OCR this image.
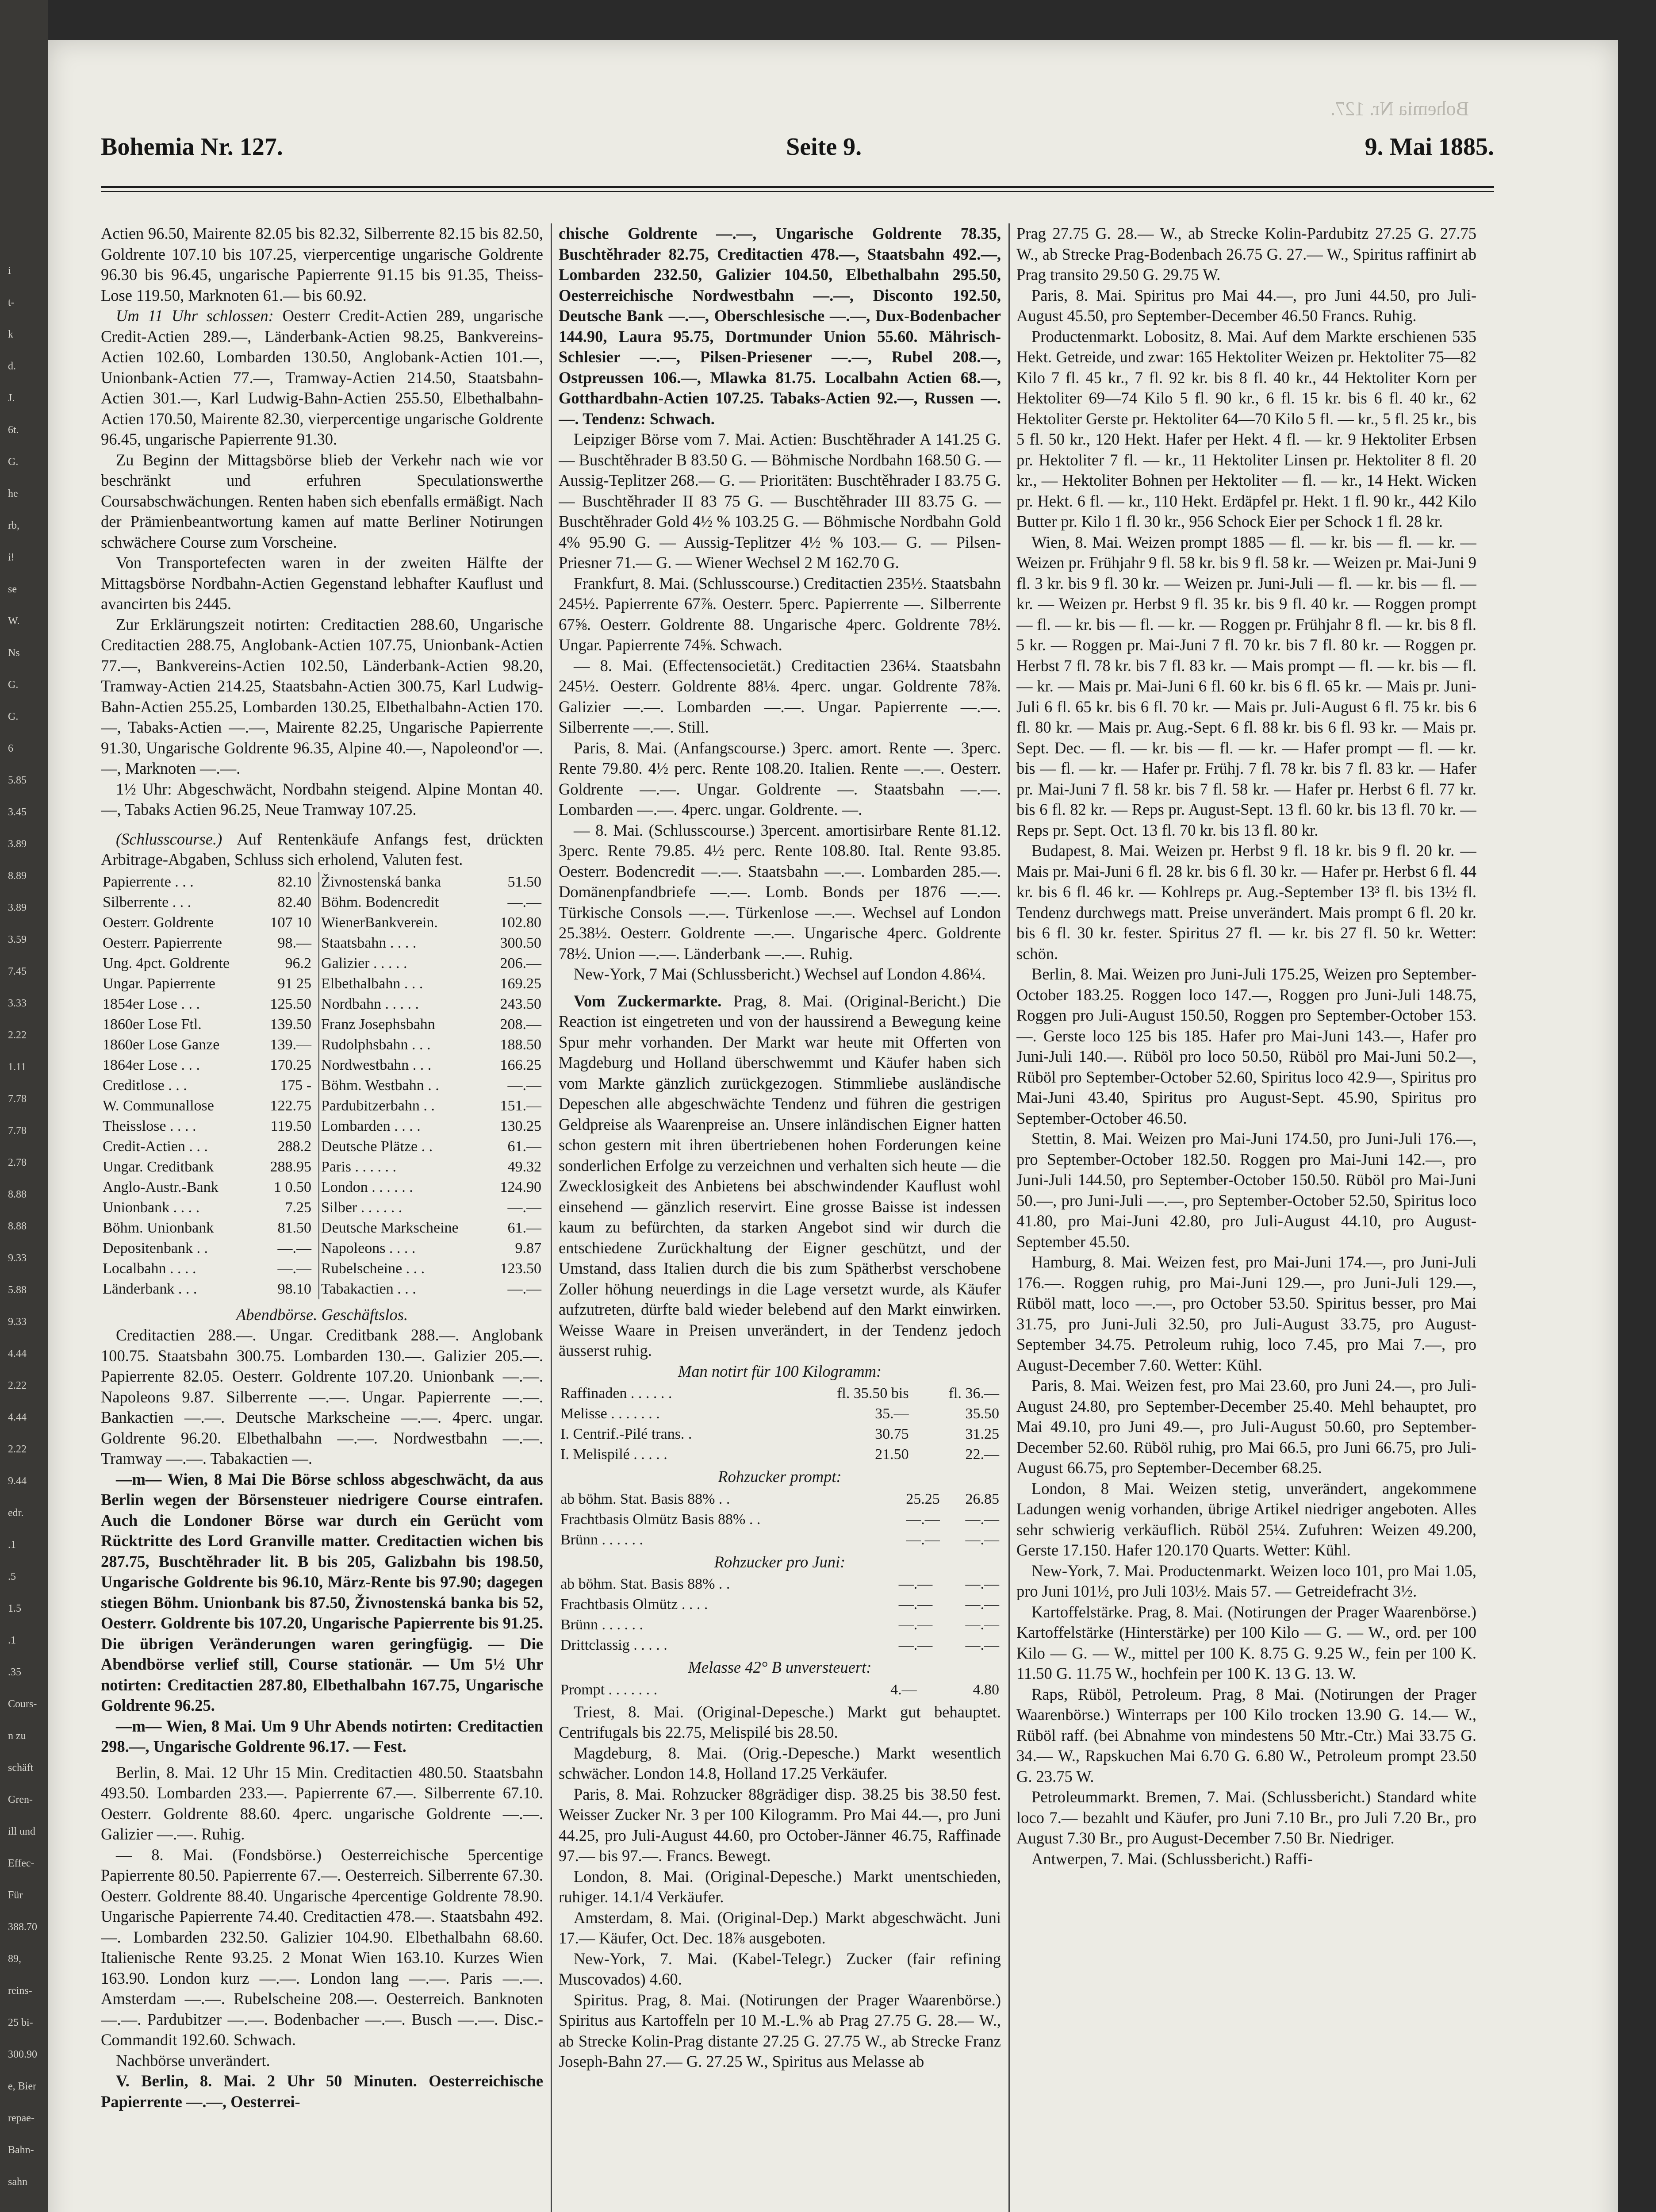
i
t-
k
d.
J.
6t.
G.
he
rb,
i!
se
W.
Ns
G.
G.
6
5.85
3.45
3.89
8.89
3.89
3.59
7.45
3.33
2.22
1.11
7.78
7.78
2.78
8.88
8.88
9.33
5.88
9.33
4.44
2.22
4.44
2.22
9.44
edr.
.1
.5
1.5
.1
.35
Cours-
n zu
schäft
Gren-
ill und
Effec-
Für
388.70
89,
reins-
25 bi-
300.90
e, Bier
repae-
Bahn-
sahn
Bohemia Nr. 127.
Bohemia Nr. 127.	Seite 9.	9. Mai 1885.

Actien 96.50, Mairente 82.05 bis 82.32, Silberrente 82.15 bis 82.50, Goldrente 107.10 bis 107.25, vierpercentige ungarische Goldrente 96.30 bis 96.45, ungarische Papierrente 91.15 bis 91.35, Theiss-Lose 119.50, Marknoten 61.— bis 60.92.

Um 11 Uhr schlossen: Oesterr Credit-Actien 289, ungarische Credit-Actien 289.—, Länderbank-Actien 98.25, Bankvereins-Actien 102.60, Lombarden 130.50, Anglobank-Actien 101.—, Unionbank-Actien 77.—, Tramway-Actien 214.50, Staatsbahn-Actien 301.—, Karl Ludwig-Bahn-Actien 255.50, Elbethalbahn-Actien 170.50, Mairente 82.30, vierpercentige ungarische Goldrente 96.45, ungarische Papierrente 91.30.

Zu Beginn der Mittagsbörse blieb der Verkehr nach wie vor beschränkt und erfuhren Speculationswerthe Coursabschwächungen. Renten haben sich ebenfalls ermäßigt. Nach der Prämienbeantwortung kamen auf matte Berliner Notirungen schwächere Course zum Vorscheine.

Von Transportefecten waren in der zweiten Hälfte der Mittagsbörse Nordbahn-Actien Gegenstand lebhafter Kauflust und avancirten bis 2445.

Zur Erklärungszeit notirten: Creditactien 288.60, Ungarische Creditactien 288.75, Anglobank-Actien 107.75, Unionbank-Actien 77.—, Bankvereins-Actien 102.50, Länderbank-Actien 98.20, Tramway-Actien 214.25, Staatsbahn-Actien 300.75, Karl Ludwig-Bahn-Actien 255.25, Lombarden 130.25, Elbethalbahn-Actien 170.—, Tabaks-Actien —.—, Mairente 82.25, Ungarische Papierrente 91.30, Ungarische Goldrente 96.35, Alpine 40.—, Napoleond'or —.—, Marknoten —.—.

1½ Uhr: Abgeschwächt, Nordbahn steigend. Alpine Montan 40.—, Tabaks Actien 96.25, Neue Tramway 107.25.

(Schlusscourse.) Auf Rentenkäufe Anfangs fest, drückten Arbitrage-Abgaben, Schluss sich erholend, Valuten fest.

Papierrente . . .	82.10	Živnostenská banka	51.50
Silberrente . . .	82.40	Böhm. Bodencredit	—.—
Oesterr. Goldrente	107 10	WienerBankverein.	102.80
Oesterr. Papierrente	98.—	Staatsbahn . . . .	300.50
Ung. 4pct. Goldrente	96.2	Galizier . . . . .	206.—
Ungar. Papierrente	91 25	Elbethalbahn . . .	169.25
1854er Lose . . .	125.50	Nordbahn . . . . .	243.50
1860er Lose Ftl.	139.50	Franz Josephsbahn	208.—
1860er Lose Ganze	139.—	Rudolphsbahn . . .	188.50
1864er Lose . . .	170.25	Nordwestbahn . . .	166.25
Creditlose . . .	175 -	Böhm. Westbahn . .	—.—
W. Communallose	122.75	Pardubitzerbahn . .	151.—
Theisslose . . . .	119.50	Lombarden . . . .	130.25
Credit-Actien . . .	288.2	Deutsche Plätze . .	61.—
Ungar. Creditbank	288.95	Paris . . . . . .	49.32
Anglo-Austr.-Bank	1 0.50	London . . . . . .	124.90
Unionbank . . . .	7.25	Silber . . . . . .	—.—
Böhm. Unionbank	81.50	Deutsche Markscheine	61.—
Depositenbank . .	—.—	Napoleons . . . .	9.87
Localbahn . . . .	—.—	Rubelscheine . . .	123.50
Länderbank . . .	98.10	Tabakactien . . .	—.—

Abendbörse. Geschäftslos.

Creditactien 288.—. Ungar. Creditbank 288.—. Anglobank 100.75. Staatsbahn 300.75. Lombarden 130.—. Galizier 205.—. Papierrente 82.05. Oesterr. Goldrente 107.20. Unionbank —.—. Napoleons 9.87. Silberrente —.—. Ungar. Papierrente —.—. Bankactien —.—. Deutsche Markscheine —.—. 4perc. ungar. Goldrente 96.20. Elbethalbahn —.—. Nordwestbahn —.—. Tramway —.—. Tabakactien —.

—m— Wien, 8 Mai Die Börse schloss abgeschwächt, da aus Berlin wegen der Börsensteuer niedrigere Course eintrafen. Auch die Londoner Börse war durch ein Gerücht vom Rücktritte des Lord Granville matter. Creditactien wichen bis 287.75, Buschtěhrader lit. B bis 205, Galizbahn bis 198.50, Ungarische Goldrente bis 96.10, März-Rente bis 97.90; dagegen stiegen Böhm. Unionbank bis 87.50, Živnostenská banka bis 52, Oesterr. Goldrente bis 107.20, Ungarische Papierrente bis 91.25. Die übrigen Veränderungen waren geringfügig. — Die Abendbörse verlief still, Course stationär. — Um 5½ Uhr notirten: Creditactien 287.80, Elbethalbahn 167.75, Ungarische Goldrente 96.25.

—m— Wien, 8 Mai. Um 9 Uhr Abends notirten: Creditactien 298.—, Ungarische Goldrente 96.17. — Fest.

Berlin, 8. Mai. 12 Uhr 15 Min. Creditactien 480.50. Staatsbahn 493.50. Lombarden 233.—. Papierrente 67.—. Silberrente 67.10. Oesterr. Goldrente 88.60. 4perc. ungarische Goldrente —.—. Galizier —.—. Ruhig.

— 8. Mai. (Fondsbörse.) Oesterreichische 5percentige Papierrente 80.50. Papierrente 67.—. Oesterreich. Silberrente 67.30. Oesterr. Goldrente 88.40. Ungarische 4percentige Goldrente 78.90. Ungarische Papierrente 74.40. Creditactien 478.—. Staatsbahn 492.—. Lombarden 232.50. Galizier 104.90. Elbethalbahn 68.60. Italienische Rente 93.25. 2 Monat Wien 163.10. Kurzes Wien 163.90. London kurz —.—. London lang —.—. Paris —.—. Amsterdam —.—. Rubelscheine 208.—. Oesterreich. Banknoten —.—. Pardubitzer —.—. Bodenbacher —.—. Busch —.—. Disc.-Commandit 192.60. Schwach.

Nachbörse unverändert.

V. Berlin, 8. Mai. 2 Uhr 50 Minuten. Oesterreichische Papierrente —.—, Oesterrei-

chische Goldrente —.—, Ungarische Goldrente 78.35, Buschtěhrader 82.75, Creditactien 478.—, Staatsbahn 492.—, Lombarden 232.50, Galizier 104.50, Elbethalbahn 295.50, Oesterreichische Nordwestbahn —.—, Disconto 192.50, Deutsche Bank —.—, Oberschlesische —.—, Dux-Bodenbacher 144.90, Laura 95.75, Dortmunder Union 55.60. Mährisch-Schlesier —.—, Pilsen-Priesener —.—, Rubel 208.—, Ostpreussen 106.—, Mlawka 81.75. Localbahn Actien 68.—, Gotthardbahn-Actien 107.25. Tabaks-Actien 92.—, Russen —.—. Tendenz: Schwach.

Leipziger Börse vom 7. Mai. Actien: Buschtěhrader A 141.25 G. — Buschtěhrader B 83.50 G. — Böhmische Nordbahn 168.50 G. — Aussig-Teplitzer 268.— G. — Prioritäten: Buschtěhrader I 83.75 G. — Buschtěhrader II 83 75 G. — Buschtěhrader III 83.75 G. — Buschtěhrader Gold 4½ % 103.25 G. — Böhmische Nordbahn Gold 4% 95.90 G. — Aussig-Teplitzer 4½ % 103.— G. — Pilsen-Priesner 71.— G. — Wiener Wechsel 2 M 162.70 G.

Frankfurt, 8. Mai. (Schlusscourse.) Creditactien 235½. Staatsbahn 245½. Papierrente 67⅞. Oesterr. 5perc. Papierrente —. Silberrente 67⅝. Oesterr. Goldrente 88. Ungarische 4perc. Goldrente 78½. Ungar. Papierrente 74⅝. Schwach.

— 8. Mai. (Effectensocietät.) Creditactien 236¼. Staatsbahn 245½. Oesterr. Goldrente 88⅛. 4perc. ungar. Goldrente 78⅞. Galizier —.—. Lombarden —.—. Ungar. Papierrente —.—. Silberrente —.—. Still.

Paris, 8. Mai. (Anfangscourse.) 3perc. amort. Rente —. 3perc. Rente 79.80. 4½ perc. Rente 108.20. Italien. Rente —.—. Oesterr. Goldrente —.—. Ungar. Goldrente —. Staatsbahn —.—. Lombarden —.—. 4perc. ungar. Goldrente. —.

— 8. Mai. (Schlusscourse.) 3percent. amortisirbare Rente 81.12. 3perc. Rente 79.85. 4½ perc. Rente 108.80. Ital. Rente 93.85. Oesterr. Bodencredit —.—. Staatsbahn —.—. Lombarden 285.—. Domänenpfandbriefe —.—. Lomb. Bonds per 1876 —.—. Türkische Consols —.—. Türkenlose —.—. Wechsel auf London 25.38½. Oesterr. Goldrente —.—. Ungarische 4perc. Goldrente 78½. Union —.—. Länderbank —.—. Ruhig.

New-York, 7 Mai (Schlussbericht.) Wechsel auf London 4.86¼.

Vom Zuckermarkte. Prag, 8. Mai. (Original-Bericht.) Die Reaction ist eingetreten und von der haussirend a Bewegung keine Spur mehr vorhanden. Der Markt war heute mit Offerten von Magdeburg und Holland überschwemmt und Käufer haben sich vom Markte gänzlich zurückgezogen. Stimmliebe ausländische Depeschen alle abgeschwächte Tendenz und führen die gestrigen Geldpreise als Waarenpreise an. Unsere inländischen Eigner hatten schon gestern mit ihren übertriebenen hohen Forderungen keine sonderlichen Erfolge zu verzeichnen und verhalten sich heute — die Zwecklosigkeit des Anbietens bei abschwindender Kauflust wohl einsehend — gänzlich reservirt. Eine grosse Baisse ist indessen kaum zu befürchten, da starken Angebot sind wir durch die entschiedene Zurückhaltung der Eigner geschützt, und der Umstand, dass Italien durch die bis zum Spätherbst verschobene Zoller höhung neuerdings in die Lage versetzt wurde, als Käufer aufzutreten, dürfte bald wieder belebend auf den Markt einwirken. Weisse Waare in Preisen unverändert, in der Tendenz jedoch äusserst ruhig.

Man notirt für 100 Kilogramm:

Raffinaden . . . . . .	fl. 35.50 bis	fl. 36.—
Melisse . . . . . . .	35.—	35.50
I. Centrif.-Pilé trans. .	30.75	31.25
I. Melispilé . . . . .	21.50	22.—

Rohzucker prompt:

ab böhm. Stat. Basis 88% . .	25.25	26.85
Frachtbasis Olmütz Basis 88% . .	—.—	—.—
Brünn . . . . . .	—.—	—.—

Rohzucker pro Juni:

ab böhm. Stat. Basis 88% . .	—.—	—.—
Frachtbasis Olmütz . . . .	—.—	—.—
Brünn . . . . . .	—.—	—.—
Drittclassig . . . . .	—.—	—.—

Melasse 42° B unversteuert:

Prompt . . . . . . .	4.—	4.80

Triest, 8. Mai. (Original-Depesche.) Markt gut behauptet. Centrifugals bis 22.75, Melispilé bis 28.50.

Magdeburg, 8. Mai. (Orig.-Depesche.) Markt wesentlich schwächer. London 14.8, Holland 17.25 Verkäufer.

Paris, 8. Mai. Rohzucker 88grädiger disp. 38.25 bis 38.50 fest. Weisser Zucker Nr. 3 per 100 Kilogramm. Pro Mai 44.—, pro Juni 44.25, pro Juli-August 44.60, pro October-Jänner 46.75, Raffinade 97.— bis 97.—. Francs. Bewegt.

London, 8. Mai. (Original-Depesche.) Markt unentschieden, ruhiger. 14.1/4 Verkäufer.

Amsterdam, 8. Mai. (Original-Dep.) Markt abgeschwächt. Juni 17.— Käufer, Oct. Dec. 18⅞ ausgeboten.

New-York, 7. Mai. (Kabel-Telegr.) Zucker (fair refining Muscovados) 4.60.

Spiritus. Prag, 8. Mai. (Notirungen der Prager Waarenbörse.) Spiritus aus Kartoffeln per 10 M.-L.% ab Prag 27.75 G. 28.— W., ab Strecke Kolin-Prag distante 27.25 G. 27.75 W., ab Strecke Franz Joseph-Bahn 27.— G. 27.25 W., Spiritus aus Melasse ab

Prag 27.75 G. 28.— W., ab Strecke Kolin-Pardubitz 27.25 G. 27.75 W., ab Strecke Prag-Bodenbach 26.75 G. 27.— W., Spiritus raffinirt ab Prag transito 29.50 G. 29.75 W.

Paris, 8. Mai. Spiritus pro Mai 44.—, pro Juni 44.50, pro Juli-August 45.50, pro September-December 46.50 Francs. Ruhig.

Productenmarkt. Lobositz, 8. Mai. Auf dem Markte erschienen 535 Hekt. Getreide, und zwar: 165 Hektoliter Weizen pr. Hektoliter 75—82 Kilo 7 fl. 45 kr., 7 fl. 92 kr. bis 8 fl. 40 kr., 44 Hektoliter Korn per Hektoliter 69—74 Kilo 5 fl. 90 kr., 6 fl. 15 kr. bis 6 fl. 40 kr., 62 Hektoliter Gerste pr. Hektoliter 64—70 Kilo 5 fl. — kr., 5 fl. 25 kr., bis 5 fl. 50 kr., 120 Hekt. Hafer per Hekt. 4 fl. — kr. 9 Hektoliter Erbsen pr. Hektoliter 7 fl. — kr., 11 Hektoliter Linsen pr. Hektoliter 8 fl. 20 kr., — Hektoliter Bohnen per Hektoliter — fl. — kr., 14 Hekt. Wicken pr. Hekt. 6 fl. — kr., 110 Hekt. Erdäpfel pr. Hekt. 1 fl. 90 kr., 442 Kilo Butter pr. Kilo 1 fl. 30 kr., 956 Schock Eier per Schock 1 fl. 28 kr.

Wien, 8. Mai. Weizen prompt 1885 — fl. — kr. bis — fl. — kr. — Weizen pr. Frühjahr 9 fl. 58 kr. bis 9 fl. 58 kr. — Weizen pr. Mai-Juni 9 fl. 3 kr. bis 9 fl. 30 kr. — Weizen pr. Juni-Juli — fl. — kr. bis — fl. — kr. — Weizen pr. Herbst 9 fl. 35 kr. bis 9 fl. 40 kr. — Roggen prompt — fl. — kr. bis — fl. — kr. — Roggen pr. Frühjahr 8 fl. — kr. bis 8 fl. 5 kr. — Roggen pr. Mai-Juni 7 fl. 70 kr. bis 7 fl. 80 kr. — Roggen pr. Herbst 7 fl. 78 kr. bis 7 fl. 83 kr. — Mais prompt — fl. — kr. bis — fl. — kr. — Mais pr. Mai-Juni 6 fl. 60 kr. bis 6 fl. 65 kr. — Mais pr. Juni-Juli 6 fl. 65 kr. bis 6 fl. 70 kr. — Mais pr. Juli-August 6 fl. 75 kr. bis 6 fl. 80 kr. — Mais pr. Aug.-Sept. 6 fl. 88 kr. bis 6 fl. 93 kr. — Mais pr. Sept. Dec. — fl. — kr. bis — fl. — kr. — Hafer prompt — fl. — kr. bis — fl. — kr. — Hafer pr. Frühj. 7 fl. 78 kr. bis 7 fl. 83 kr. — Hafer pr. Mai-Juni 7 fl. 58 kr. bis 7 fl. 58 kr. — Hafer pr. Herbst 6 fl. 77 kr. bis 6 fl. 82 kr. — Reps pr. August-Sept. 13 fl. 60 kr. bis 13 fl. 70 kr. — Reps pr. Sept. Oct. 13 fl. 70 kr. bis 13 fl. 80 kr.

Budapest, 8. Mai. Weizen pr. Herbst 9 fl. 18 kr. bis 9 fl. 20 kr. — Mais pr. Mai-Juni 6 fl. 28 kr. bis 6 fl. 30 kr. — Hafer pr. Herbst 6 fl. 44 kr. bis 6 fl. 46 kr. — Kohlreps pr. Aug.-September 13³ fl. bis 13½ fl. Tendenz durchwegs matt. Preise unverändert. Mais prompt 6 fl. 20 kr. bis 6 fl. 30 kr. fester. Spiritus 27 fl. — kr. bis 27 fl. 50 kr. Wetter: schön.

Berlin, 8. Mai. Weizen pro Juni-Juli 175.25, Weizen pro September-October 183.25. Roggen loco 147.—, Roggen pro Juni-Juli 148.75, Roggen pro Juli-August 150.50, Roggen pro September-October 153.—. Gerste loco 125 bis 185. Hafer pro Mai-Juni 143.—, Hafer pro Juni-Juli 140.—. Rüböl pro loco 50.50, Rüböl pro Mai-Juni 50.2—, Rüböl pro September-October 52.60, Spiritus loco 42.9—, Spiritus pro Mai-Juni 43.40, Spiritus pro August-Sept. 45.90, Spiritus pro September-October 46.50.

Stettin, 8. Mai. Weizen pro Mai-Juni 174.50, pro Juni-Juli 176.—, pro September-October 182.50. Roggen pro Mai-Juni 142.—, pro Juni-Juli 144.50, pro September-October 150.50. Rüböl pro Mai-Juni 50.—, pro Juni-Juli —.—, pro September-October 52.50, Spiritus loco 41.80, pro Mai-Juni 42.80, pro Juli-August 44.10, pro August-September 45.50.

Hamburg, 8. Mai. Weizen fest, pro Mai-Juni 174.—, pro Juni-Juli 176.—. Roggen ruhig, pro Mai-Juni 129.—, pro Juni-Juli 129.—, Rüböl matt, loco —.—, pro October 53.50. Spiritus besser, pro Mai 31.75, pro Juni-Juli 32.50, pro Juli-August 33.75, pro August-September 34.75. Petroleum ruhig, loco 7.45, pro Mai 7.—, pro August-December 7.60. Wetter: Kühl.

Paris, 8. Mai. Weizen fest, pro Mai 23.60, pro Juni 24.—, pro Juli-August 24.80, pro September-December 25.40. Mehl behauptet, pro Mai 49.10, pro Juni 49.—, pro Juli-August 50.60, pro September-December 52.60. Rüböl ruhig, pro Mai 66.5, pro Juni 66.75, pro Juli-August 66.75, pro September-December 68.25.

London, 8 Mai. Weizen stetig, unverändert, angekommene Ladungen wenig vorhanden, übrige Artikel niedriger angeboten. Alles sehr schwierig verkäuflich. Rüböl 25¼. Zufuhren: Weizen 49.200, Gerste 17.150. Hafer 120.170 Quarts. Wetter: Kühl.

New-York, 7. Mai. Productenmarkt. Weizen loco 101, pro Mai 1.05, pro Juni 101½, pro Juli 103½. Mais 57. — Getreidefracht 3½.

Kartoffelstärke. Prag, 8. Mai. (Notirungen der Prager Waarenbörse.) Kartoffelstärke (Hinterstärke) per 100 Kilo — G. — W., ord. per 100 Kilo — G. — W., mittel per 100 K. 8.75 G. 9.25 W., fein per 100 K. 11.50 G. 11.75 W., hochfein per 100 K. 13 G. 13. W.

Raps, Rüböl, Petroleum. Prag, 8 Mai. (Notirungen der Prager Waarenbörse.) Winterraps per 100 Kilo trocken 13.90 G. 14.— W., Rüböl raff. (bei Abnahme von mindestens 50 Mtr.-Ctr.) Mai 33.75 G. 34.— W., Rapskuchen Mai 6.70 G. 6.80 W., Petroleum prompt 23.50 G. 23.75 W.

Petroleummarkt. Bremen, 7. Mai. (Schlussbericht.) Standard white loco 7.— bezahlt und Käufer, pro Juni 7.10 Br., pro Juli 7.20 Br., pro August 7.30 Br., pro August-December 7.50 Br. Niedriger.

Antwerpen, 7. Mai. (Schlussbericht.) Raffi-
